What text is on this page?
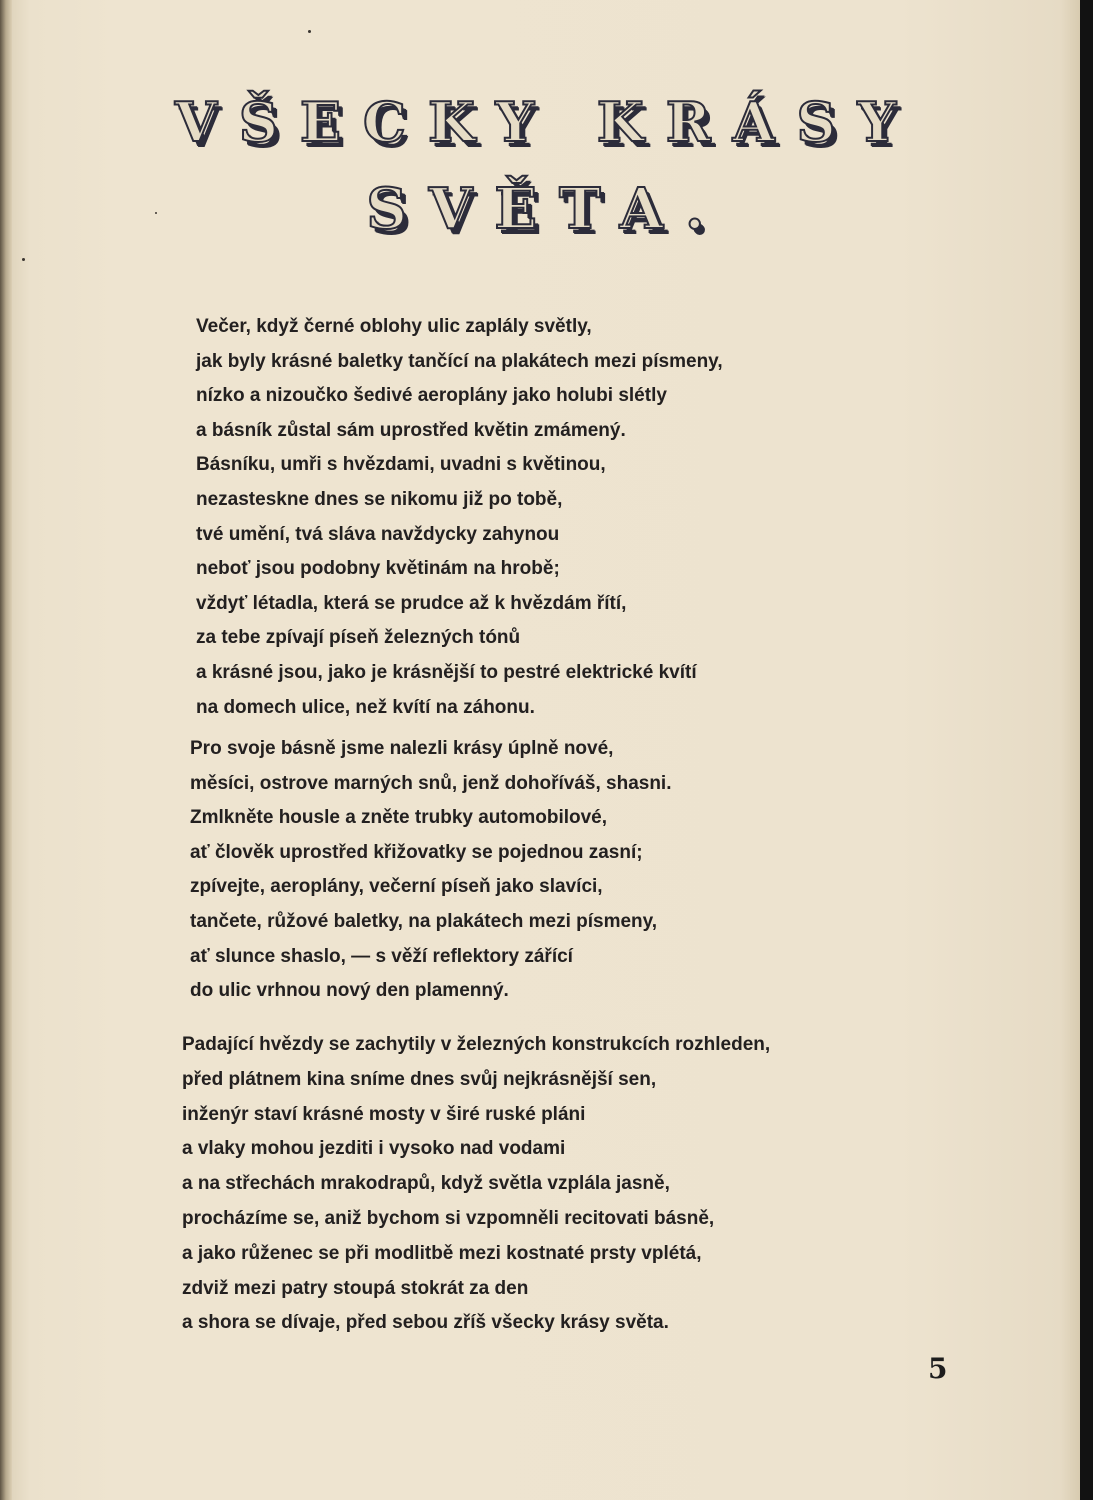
VŠECKY KRÁSY
SVĚTA.
Večer, když černé oblohy ulic zaplály světly,
jak byly krásné baletky tančící na plakátech mezi písmeny,
nízko a nizoučko šedivé aeroplány jako holubi slétly
a básník zůstal sám uprostřed květin zmámený.
Básníku, umři s hvězdami, uvadni s květinou,
nezasteskne dnes se nikomu již po tobě,
tvé umění, tvá sláva navždycky zahynou
neboť jsou podobny květinám na hrobě;
vždyť létadla, která se prudce až k hvězdám řítí,
za tebe zpívají píseň železných tónů
a krásné jsou, jako je krásnější to pestré elektrické kvítí
na domech ulice, než kvítí na záhonu.
Pro svoje básně jsme nalezli krásy úplně nové,
měsíci, ostrove marných snů, jenž dohoříváš, shasni.
Zmlkněte housle a zněte trubky automobilové,
ať člověk uprostřed křižovatky se pojednou zasní;
zpívejte, aeroplány, večerní píseň jako slavíci,
tančete, růžové baletky, na plakátech mezi písmeny,
ať slunce shaslo, — s věží reflektory zářící
do ulic vrhnou nový den plamenný.
Padající hvězdy se zachytily v železných konstrukcích rozhleden,
před plátnem kina sníme dnes svůj nejkrásnější sen,
inženýr staví krásné mosty v širé ruské pláni
a vlaky mohou jezditi i vysoko nad vodami
a na střechách mrakodrapů, když světla vzplála jasně,
procházíme se, aniž bychom si vzpomněli recitovati básně,
a jako růženec se při modlitbě mezi kostnaté prsty vplétá,
zdviž mezi patry stoupá stokrát za den
a shora se dívaje, před sebou zříš všecky krásy světa.
5
